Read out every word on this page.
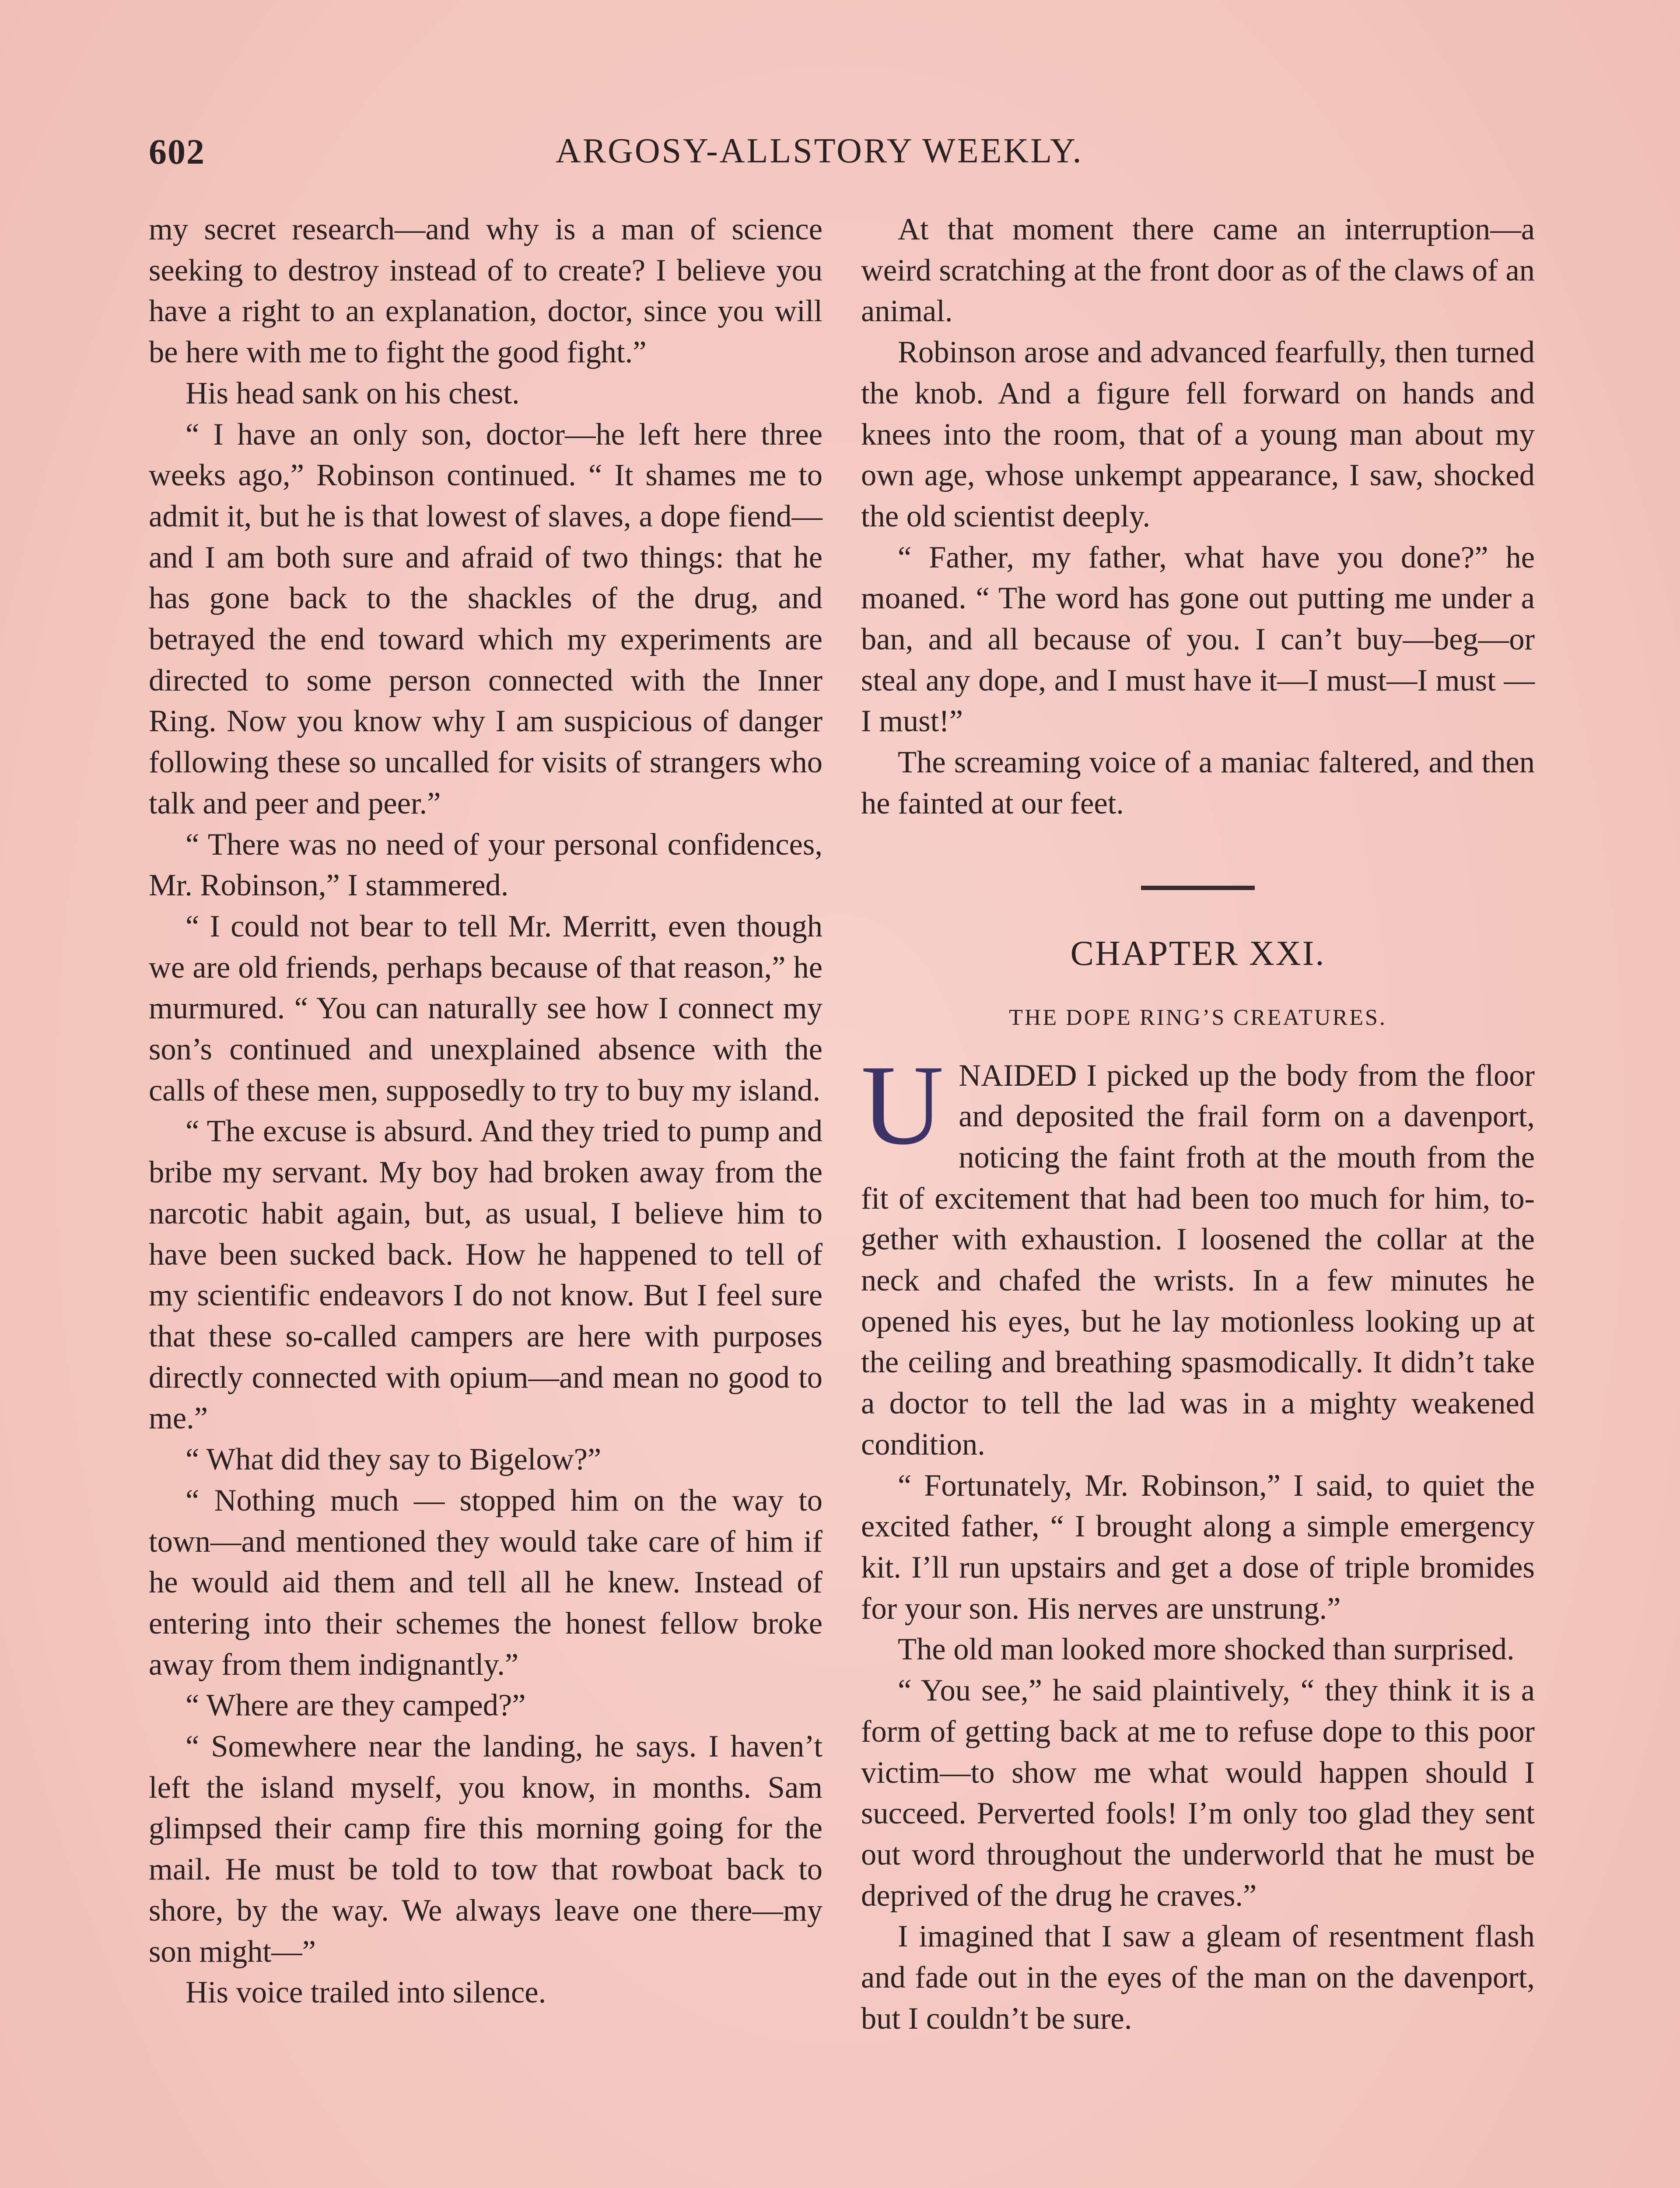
602	ARGOSY-ALLSTORY WEEKLY.

my secret research—and why is a man of science seeking to destroy instead of to create? I believe you have a right to an explanation, doctor, since you will be here with me to fight the good fight.”

His head sank on his chest.

“ I have an only son, doctor—he left here three weeks ago,” Robinson continued. “ It shames me to admit it, but he is that lowest of slaves, a dope fiend—and I am both sure and afraid of two things: that he has gone back to the shackles of the drug, and betrayed the end toward which my experiments are directed to some person connected with the Inner Ring. Now you know why I am suspicious of danger following these so uncalled for visits of strangers who talk and peer and peer.”

“ There was no need of your personal confidences, Mr. Robinson,” I stammered.

“ I could not bear to tell Mr. Merritt, even though we are old friends, perhaps because of that reason,” he murmured. “ You can naturally see how I connect my son’s continued and unexplained absence with the calls of these men, supposedly to try to buy my island.

“ The excuse is absurd. And they tried to pump and bribe my servant. My boy had broken away from the narcotic habit again, but, as usual, I believe him to have been sucked back. How he happened to tell of my scientific endeavors I do not know. But I feel sure that these so-called campers are here with purposes directly connected with opium—and mean no good to me.”

“ What did they say to Bigelow?”

“ Nothing much — stopped him on the way to town—and mentioned they would take care of him if he would aid them and tell all he knew. Instead of entering into their schemes the honest fellow broke away from them indignantly.”

“ Where are they camped?”

“ Somewhere near the landing, he says. I haven’t left the island myself, you know, in months. Sam glimpsed their camp fire this morning going for the mail. He must be told to tow that rowboat back to shore, by the way. We always leave one there—my son might—”

His voice trailed into silence.

At that moment there came an interruption—a weird scratching at the front door as of the claws of an animal.

Robinson arose and advanced fearfully, then turned the knob. And a figure fell forward on hands and knees into the room, that of a young man about my own age, whose unkempt appearance, I saw, shocked the old scientist deeply.

“ Father, my father, what have you done?” he moaned. “ The word has gone out putting me under a ban, and all because of you. I can’t buy—beg—or steal any dope, and I must have it—I must—I must —I must!”

The screaming voice of a maniac faltered, and then he fainted at our feet.

CHAPTER XXI.
THE DOPE RING’S CREATURES.

UNAIDED I picked up the body from the floor and deposited the frail form on a davenport, noticing the faint froth at the mouth from the fit of excitement that had been too much for him, together with exhaustion. I loosened the collar at the neck and chafed the wrists. In a few minutes he opened his eyes, but he lay motionless looking up at the ceiling and breathing spasmodically. It didn’t take a doctor to tell the lad was in a mighty weakened condition.

“ Fortunately, Mr. Robinson,” I said, to quiet the excited father, “ I brought along a simple emergency kit. I’ll run upstairs and get a dose of triple bromides for your son. His nerves are unstrung.”

The old man looked more shocked than surprised.

“ You see,” he said plaintively, “ they think it is a form of getting back at me to refuse dope to this poor victim—to show me what would happen should I succeed. Perverted fools! I’m only too glad they sent out word throughout the underworld that he must be deprived of the drug he craves.”

I imagined that I saw a gleam of resentment flash and fade out in the eyes of the man on the davenport, but I couldn’t be sure.
